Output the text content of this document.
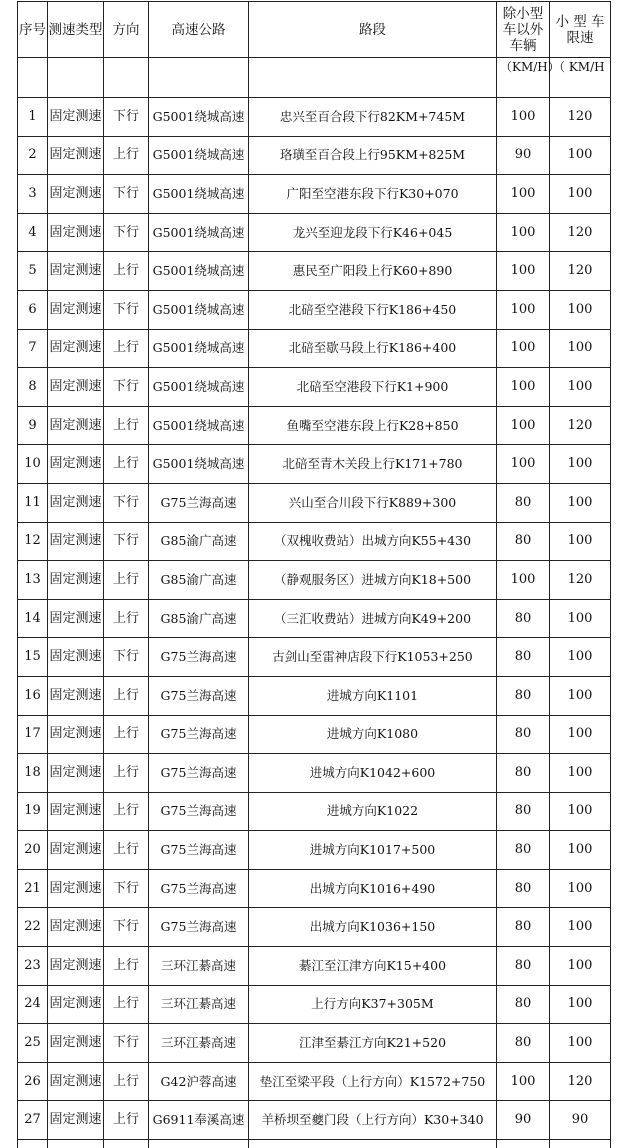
序号	测速类型	方向	高速公路	路段	除小型车以外车辆	小 型 车限速
					（KM/H）	（ KM/H
1	固定测速	下行	G5001绕城高速	忠兴至百合段下行82KM+745M	100	120
2	固定测速	上行	G5001绕城高速	珞璜至百合段上行95KM+825M	90	100
3	固定测速	下行	G5001绕城高速	广阳至空港东段下行K30+070	100	100
4	固定测速	下行	G5001绕城高速	龙兴至迎龙段下行K46+045	100	120
5	固定测速	上行	G5001绕城高速	惠民至广阳段上行K60+890	100	120
6	固定测速	下行	G5001绕城高速	北碚至空港段下行K186+450	100	100
7	固定测速	上行	G5001绕城高速	北碚至歇马段上行K186+400	100	100
8	固定测速	下行	G5001绕城高速	北碚至空港段下行K1+900	100	100
9	固定测速	上行	G5001绕城高速	鱼嘴至空港东段上行K28+850	100	120
10	固定测速	上行	G5001绕城高速	北碚至青木关段上行K171+780	100	100
11	固定测速	下行	G75兰海高速	兴山至合川段下行K889+300	80	100
12	固定测速	下行	G85渝广高速	（双槐收费站）出城方向K55+430	80	100
13	固定测速	上行	G85渝广高速	（静观服务区）进城方向K18+500	100	120
14	固定测速	上行	G85渝广高速	（三汇收费站）进城方向K49+200	80	100
15	固定测速	下行	G75兰海高速	古剑山至雷神店段下行K1053+250	80	100
16	固定测速	上行	G75兰海高速	进城方向K1101	80	100
17	固定测速	上行	G75兰海高速	进城方向K1080	80	100
18	固定测速	上行	G75兰海高速	进城方向K1042+600	80	100
19	固定测速	上行	G75兰海高速	进城方向K1022	80	100
20	固定测速	上行	G75兰海高速	进城方向K1017+500	80	100
21	固定测速	下行	G75兰海高速	出城方向K1016+490	80	100
22	固定测速	下行	G75兰海高速	出城方向K1036+150	80	100
23	固定测速	上行	三环江綦高速	綦江至江津方向K15+400	80	100
24	固定测速	上行	三环江綦高速	上行方向K37+305M	80	100
25	固定测速	下行	三环江綦高速	江津至綦江方向K21+520	80	100
26	固定测速	上行	G42沪蓉高速	垫江至梁平段（上行方向）K1572+750	100	120
27	固定测速	上行	G6911奉溪高速	羊桥坝至夔门段（上行方向）K30+340	90	90
